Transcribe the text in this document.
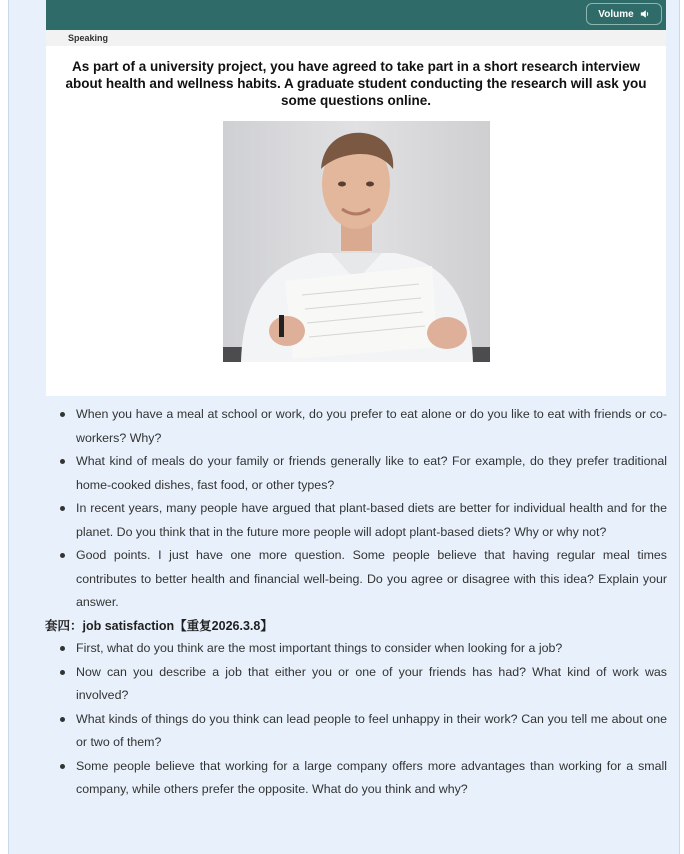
Volume
Speaking
As part of a university project, you have agreed to take part in a short research interview about health and wellness habits. A graduate student conducting the research will ask you some questions online.
When you have a meal at school or work, do you prefer to eat alone or do you like to eat with friends or co-workers? Why?
What kind of meals do your family or friends generally like to eat? For example, do they prefer traditional home-cooked dishes, fast food, or other types?
In recent years, many people have argued that plant-based diets are better for individual health and for the planet. Do you think that in the future more people will adopt plant-based diets? Why or why not?
Good points. I just have one more question. Some people believe that having regular meal times contributes to better health and financial well-being. Do you agree or disagree with this idea? Explain your answer.
套四：job satisfaction【重复2026.3.8】
First, what do you think are the most important things to consider when looking for a job?
Now can you describe a job that either you or one of your friends has had? What kind of work was involved?
What kinds of things do you think can lead people to feel unhappy in their work? Can you tell me about one or two of them?
Some people believe that working for a large company offers more advantages than working for a small company, while others prefer the opposite. What do you think and why?
